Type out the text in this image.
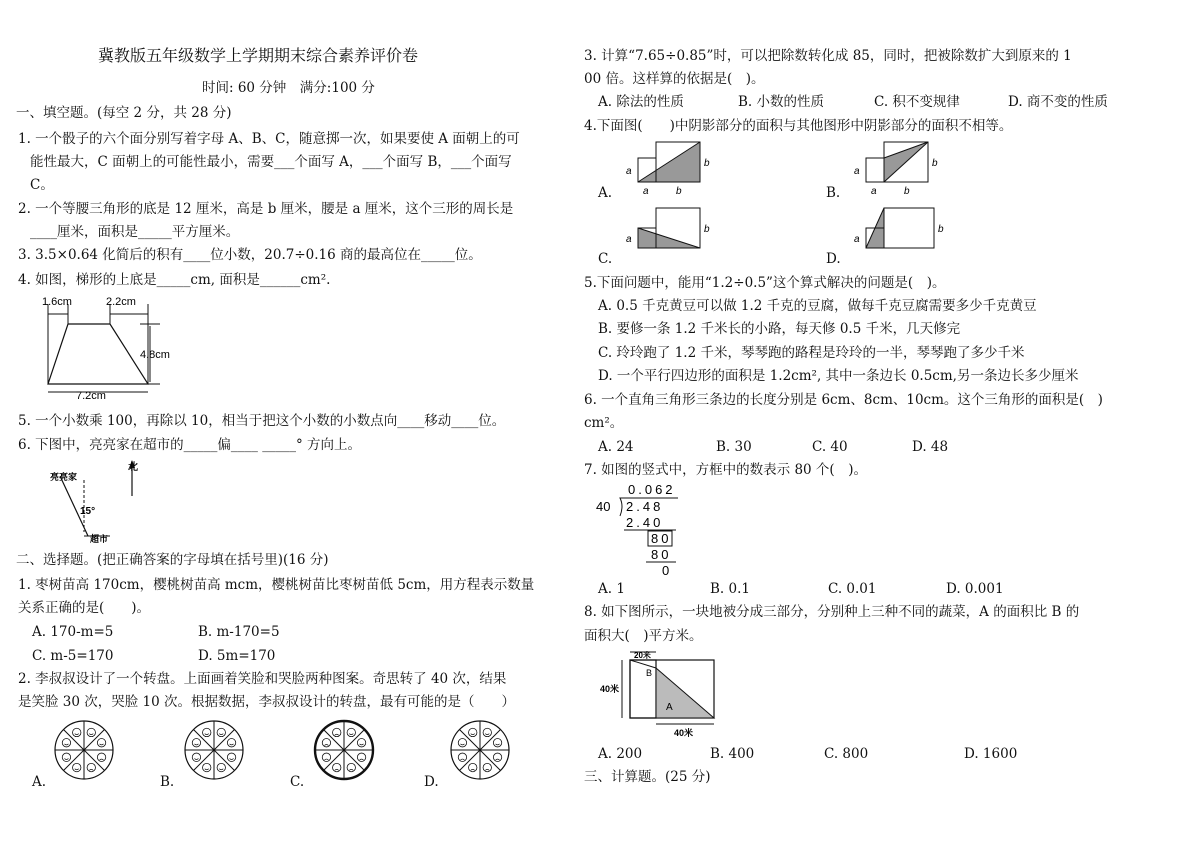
冀教版五年级数学上学期期末综合素养评价卷
时间: 60 分钟　满分:100 分
一、填空题。(每空 2 分，共 28 分)
1. 一个骰子的六个面分别写着字母 A、B、C，随意掷一次，如果要使 A 面朝上的可
能性最大，C 面朝上的可能性最小，需要___个面写 A，___个面写 B，___个面写
C。
2. 一个等腰三角形的底是 12 厘米，高是 b 厘米，腰是 a 厘米，这个三形的周长是
____厘米，面积是_____平方厘米。
3. 3.5×0.64 化简后的积有____位小数，20.7÷0.16 商的最高位在_____位。
4. 如图，梯形的上底是_____cm, 面积是______cm².
1.6cm	2.2cm
4.8cm
7.2cm
5. 一个小数乘 100，再除以 10，相当于把这个小数的小数点向____移动____位。
6. 下图中，亮亮家在超市的_____偏____ _____° 方向上。
亮亮家
北
15°
超市
二、选择题。(把正确答案的字母填在括号里)(16 分)
1. 枣树苗高 170cm，樱桃树苗高 mcm，樱桃树苗比枣树苗低 5cm，用方程表示数量
关系正确的是(　　)。
A. 170-m=5	B. m-170=5
C. m-5=170	D. 5m=170
2. 李叔叔设计了一个转盘。上面画着笑脸和哭脸两种图案。奇思转了 40 次，结果
是笑脸 30 次，哭脸 10 次。根据数据，李叔叔设计的转盘，最有可能的是（　　）
A.	B.	C.	D.
3. 计算“7.65÷0.85”时，可以把除数转化成 85，同时，把被除数扩大到原来的 1
00 倍。这样算的依据是(　)。
A. 除法的性质	B. 小数的性质	C. 积不变规律	D. 商不变的性质
4.下面图(　　)中阴影部分的面积与其他图形中阴影部分的面积不相等。
A.	B.
C.	D.
a
b
a	b
a
b
a	b
a
b
a
b
5.下面问题中，能用“1.2÷0.5”这个算式解决的问题是(　)。
A. 0.5 千克黄豆可以做 1.2 千克的豆腐，做每千克豆腐需要多少千克黄豆
B. 要修一条 1.2 千米长的小路，每天修 0.5 千米，几天修完
C. 玲玲跑了 1.2 千米，琴琴跑的路程是玲玲的一半，琴琴跑了多少千米
D. 一个平行四边形的面积是 1.2cm², 其中一条边长 0.5cm,另一条边长多少厘米
6. 一个直角三角形三条边的长度分别是 6cm、8cm、10cm。这个三角形的面积是(　)
cm²。
A. 24	B. 30	C. 40	D. 48
7. 如图的竖式中，方框中的数表示 80 个(　)。
40
0.062
2.48
2.40
80
80
0
A. 1	B. 0.1	C. 0.01	D. 0.001
8. 如下图所示，一块地被分成三部分，分别种上三种不同的蔬菜，A 的面积比 B 的
面积大(　)平方米。
20米
40米
40米
A
B
A. 200	B. 400	C. 800	D. 1600
三、计算题。(25 分)
